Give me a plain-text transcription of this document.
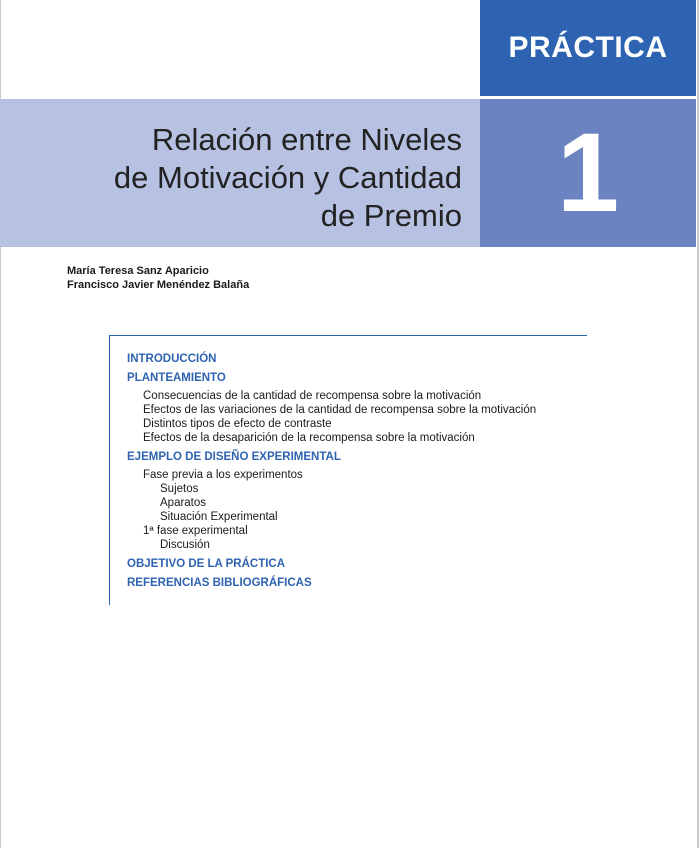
PRÁCTICA
Relación entre Niveles
de Motivación y Cantidad
de Premio 1
María Teresa Sanz Aparicio
Francisco Javier Menéndez Balaña
INTRODUCCIÓN
PLANTEAMIENTO
Consecuencias de la cantidad de recompensa sobre la motivación
Efectos de las variaciones de la cantidad de recompensa sobre la motivación
Distintos tipos de efecto de contraste
Efectos de la desaparición de la recompensa sobre la motivación
EJEMPLO DE DISEÑO EXPERIMENTAL
Fase previa a los experimentos
Sujetos
Aparatos
Situación Experimental
1ª fase experimental
Discusión
OBJETIVO DE LA PRÁCTICA
REFERENCIAS BIBLIOGRÁFICAS
